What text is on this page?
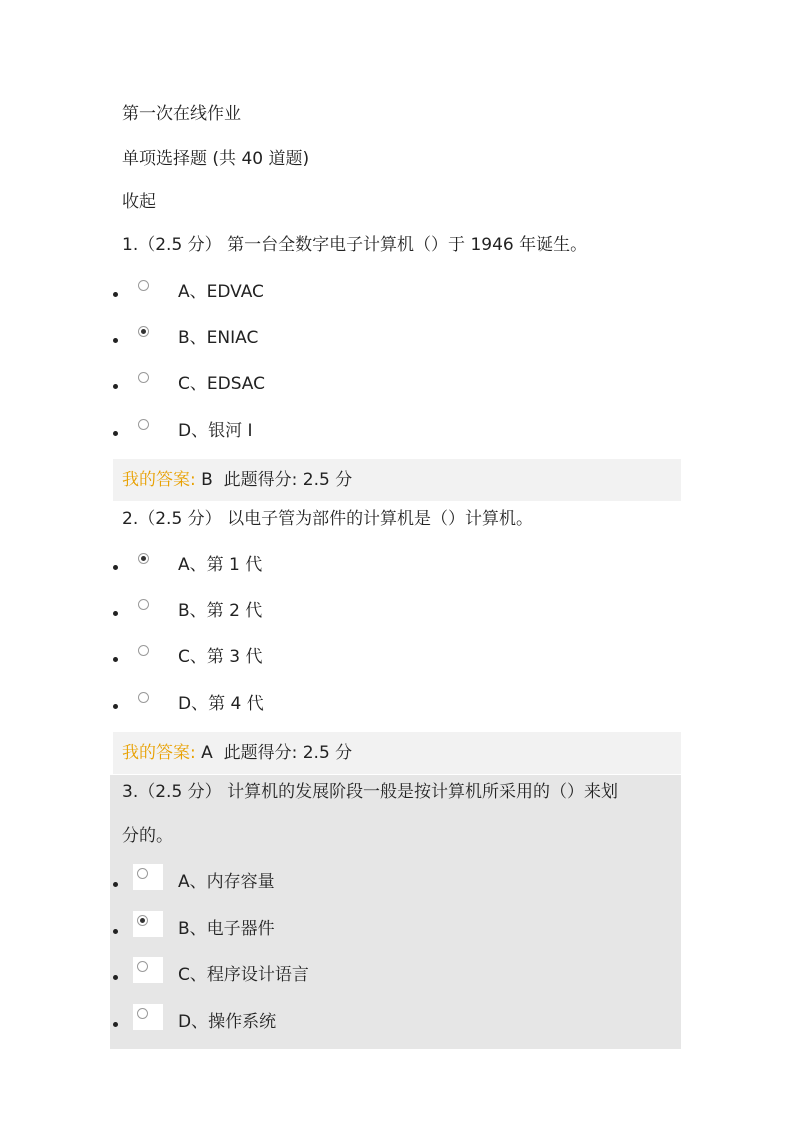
第一次在线作业
单项选择题 (共 40 道题)
收起
1.（2.5 分） 第一台全数字电子计算机（）于 1946 年诞生。
A、EDVAC
B、ENIAC
C、EDSAC
D、银河 I
我的答案: B 此题得分: 2.5 分
2.（2.5 分） 以电子管为部件的计算机是（）计算机。
A、第 1 代
B、第 2 代
C、第 3 代
D、第 4 代
我的答案: A 此题得分: 2.5 分
3.（2.5 分） 计算机的发展阶段一般是按计算机所采用的（）来划
分的。
A、内存容量
B、电子器件
C、程序设计语言
D、操作系统
